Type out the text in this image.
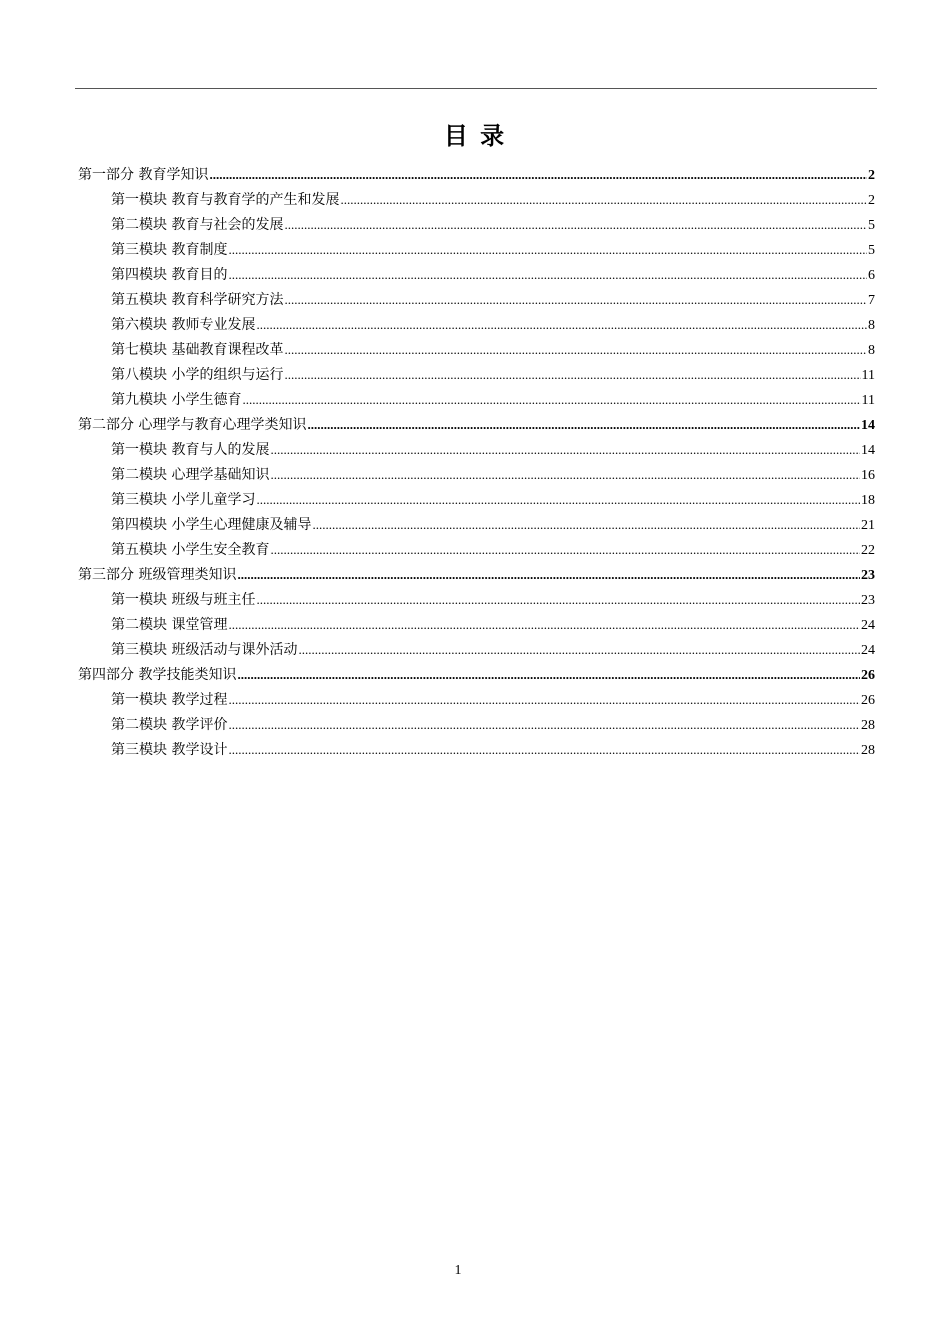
目 录
第一部分 教育学知识 .....	2
第一模块 教育与教育学的产生和发展 .....	2
第二模块 教育与社会的发展 .....	5
第三模块 教育制度 .....	5
第四模块 教育目的 .....	6
第五模块 教育科学研究方法 .....	7
第六模块 教师专业发展 .....	8
第七模块 基础教育课程改革 .....	8
第八模块 小学的组织与运行 .....	11
第九模块 小学生德育 .....	11
第二部分 心理学与教育心理学类知识 .....	14
第一模块 教育与人的发展 .....	14
第二模块 心理学基础知识 .....	16
第三模块 小学儿童学习 .....	18
第四模块 小学生心理健康及辅导 .....	21
第五模块 小学生安全教育 .....	22
第三部分 班级管理类知识 .....	23
第一模块 班级与班主任 .....	23
第二模块 课堂管理 .....	24
第三模块 班级活动与课外活动 .....	24
第四部分 教学技能类知识 .....	26
第一模块 教学过程 .....	26
第二模块 教学评价 .....	28
第三模块 教学设计 .....	28
1
